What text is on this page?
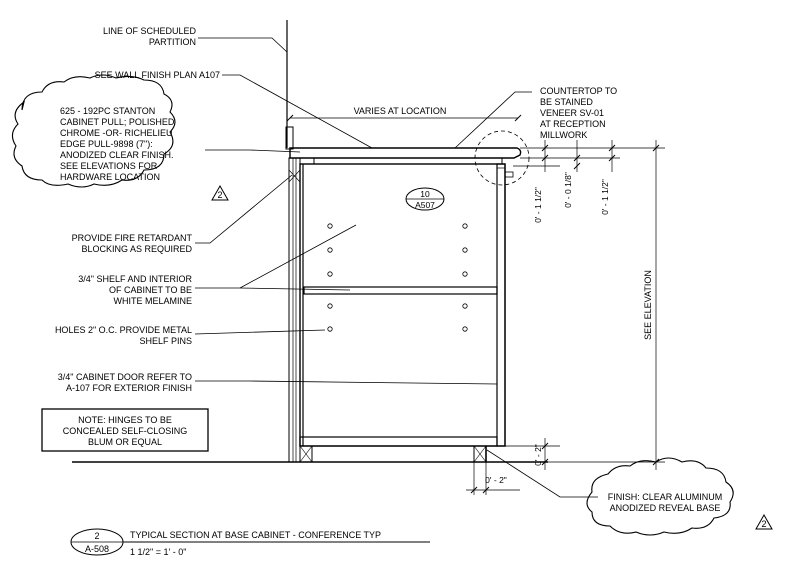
2
2
LINE OF SCHEDULED
PARTITION
SEE WALL FINISH PLAN A107
625 - 192PC STANTON
CABINET PULL; POLISHED
CHROME -OR- RICHELIEU
EDGE PULL-9898 (7"):
ANODIZED CLEAR FINISH.
SEE ELEVATIONS FOR
HARDWARE LOCATION
PROVIDE FIRE RETARDANT
BLOCKING AS REQUIRED
3/4" SHELF AND INTERIOR
OF CABINET TO BE
WHITE MELAMINE
HOLES 2" O.C. PROVIDE METAL
SHELF PINS
3/4" CABINET DOOR REFER TO
A-107 FOR EXTERIOR FINISH
NOTE: HINGES TO BE
CONCEALED SELF-CLOSING
BLUM OR EQUAL
COUNTERTOP TO
BE STAINED
VENEER SV-01
AT RECEPTION
MILLWORK
VARIES AT LOCATION
FINISH: CLEAR ALUMINUM
ANODIZED REVEAL BASE
SEE ELEVATION
0' - 1 1/2" 0' - 0 1/8"	0' - 1 1/2"
0' - 2"
0' - 2"
10
A507
2
A-508
TYPICAL SECTION AT BASE CABINET - CONFERENCE TYP
1 1/2" = 1' - 0"
